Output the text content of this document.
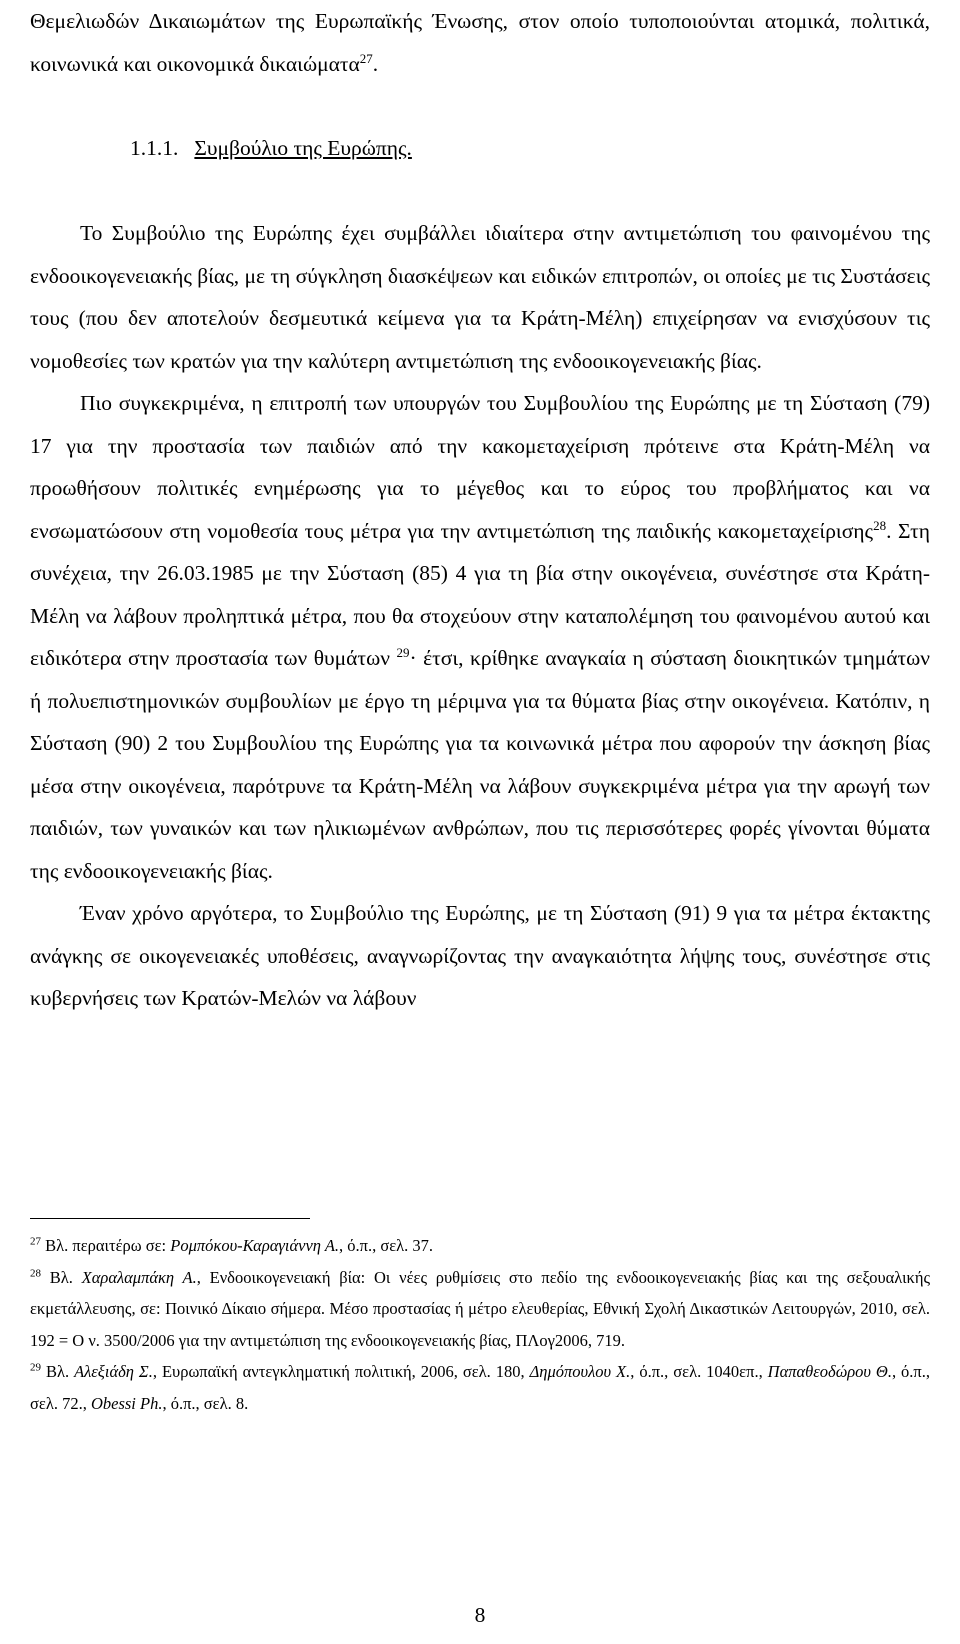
Θεμελιωδών Δικαιωμάτων της Ευρωπαϊκής Ένωσης, στον οποίο τυποποιούνται ατομικά, πολιτικά, κοινωνικά και οικονομικά δικαιώματα$^{27}$.

1.1.1. Συμβούλιο της Ευρώπης.

Το Συμβούλιο της Ευρώπης έχει συμβάλλει ιδιαίτερα στην αντιμετώπιση του φαινομένου της ενδοοικογενειακής βίας, με τη σύγκληση διασκέψεων και ειδικών επιτροπών, οι οποίες με τις Συστάσεις τους (που δεν αποτελούν δεσμευτικά κείμενα για τα Κράτη-Μέλη) επιχείρησαν να ενισχύσουν τις νομοθεσίες των κρατών για την καλύτερη αντιμετώπιση της ενδοοικογενειακής βίας.

Πιο συγκεκριμένα, η επιτροπή των υπουργών του Συμβουλίου της Ευρώπης με τη Σύσταση (79) 17 για την προστασία των παιδιών από την κακομεταχείριση πρότεινε στα Κράτη-Μέλη να προωθήσουν πολιτικές ενημέρωσης για το μέγεθος και το εύρος του προβλήματος και να ενσωματώσουν στη νομοθεσία τους μέτρα για την αντιμετώπιση της παιδικής κακομεταχείρισης$^{28}$. Στη συνέχεια, την 26.03.1985 με την Σύσταση (85) 4 για τη βία στην οικογένεια, συνέστησε στα Κράτη-Μέλη να λάβουν προληπτικά μέτρα, που θα στοχεύουν στην καταπολέμηση του φαινομένου αυτού και ειδικότερα στην προστασία των θυμάτων $^{29}$· έτσι, κρίθηκε αναγκαία η σύσταση διοικητικών τμημάτων ή πολυεπιστημονικών συμβουλίων με έργο τη μέριμνα για τα θύματα βίας στην οικογένεια. Κατόπιν, η Σύσταση (90) 2 του Συμβουλίου της Ευρώπης για τα κοινωνικά μέτρα που αφορούν την άσκηση βίας μέσα στην οικογένεια, παρότρυνε τα Κράτη-Μέλη να λάβουν συγκεκριμένα μέτρα για την αρωγή των παιδιών, των γυναικών και των ηλικιωμένων ανθρώπων, που τις περισσότερες φορές γίνονται θύματα της ενδοοικογενειακής βίας.

Έναν χρόνο αργότερα, το Συμβούλιο της Ευρώπης, με τη Σύσταση (91) 9 για τα μέτρα έκτακτης ανάγκης σε οικογενειακές υποθέσεις, αναγνωρίζοντας την αναγκαιότητα λήψης τους, συνέστησε στις κυβερνήσεις των Κρατών-Μελών να λάβουν

$^{27}$ Βλ. περαιτέρω σε: Ρομπόκου-Καραγιάννη Α., ό.π., σελ. 37.

$^{28}$ Βλ. Χαραλαμπάκη Α., Ενδοοικογενειακή βία: Οι νέες ρυθμίσεις στο πεδίο της ενδοοικογενειακής βίας και της σεξουαλικής εκμετάλλευσης, σε: Ποινικό Δίκαιο σήμερα. Μέσο προστασίας ή μέτρο ελευθερίας, Εθνική Σχολή Δικαστικών Λειτουργών, 2010, σελ. 192 = Ο ν. 3500/2006 για την αντιμετώπιση της ενδοοικογενειακής βίας, ΠΛογ2006, 719.

$^{29}$ Βλ. Αλεξιάδη Σ., Ευρωπαϊκή αντεγκληματική πολιτική, 2006, σελ. 180, Δημόπουλου Χ., ό.π., σελ. 1040επ., Παπαθεοδώρου Θ., ό.π., σελ. 72., Obessi Ph., ό.π., σελ. 8.

8
